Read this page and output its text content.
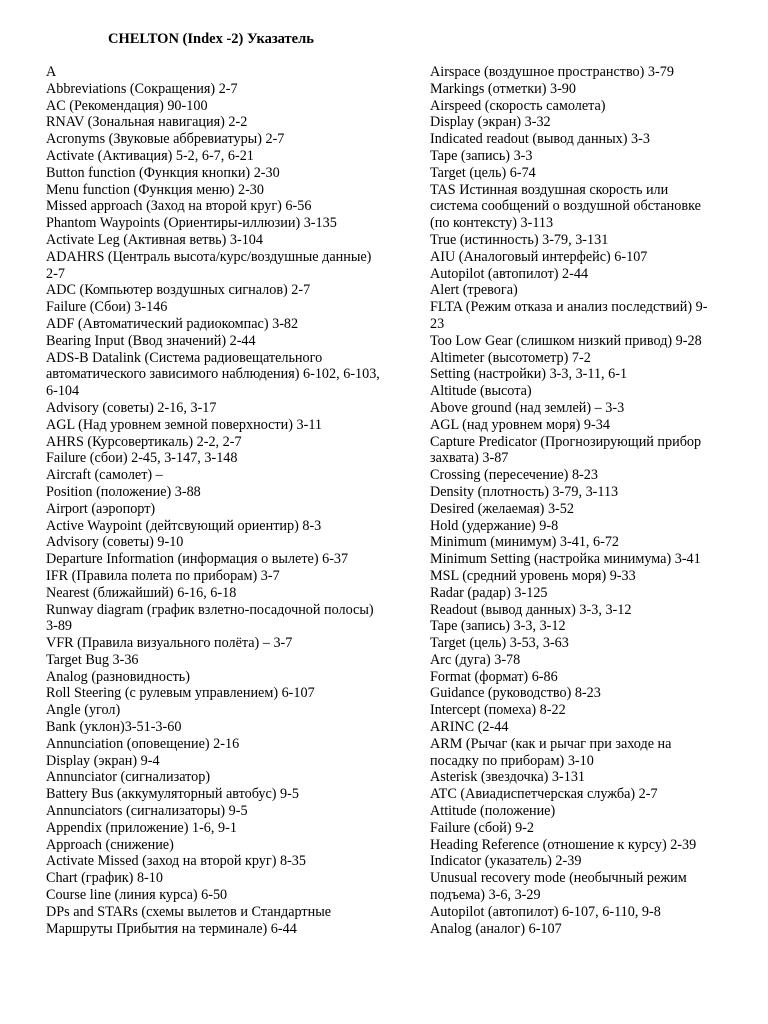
CHELTON (Index -2) Указатель
A
Abbreviations (Сокращения) 2-7
AC (Рекомендация) 90-100
RNAV (Зональная навигация) 2-2
Acronyms (Звуковые аббревиатуры) 2-7
Activate (Активация) 5-2, 6-7, 6-21
Button function (Функция кнопки) 2-30
Menu function (Функция меню) 2-30
Missed approach (Заход на второй круг) 6-56
Phantom Waypoints (Ориентиры-иллюзии) 3-135
Activate Leg (Активная ветвь) 3-104
ADAHRS (Централь высота/курс/воздушные данные)
2-7
ADC (Компьютер воздушных сигналов) 2-7
Failure (Сбои) 3-146
ADF (Автоматический радиокомпас) 3-82
Bearing Input (Ввод значений) 2-44
ADS-B Datalink (Система радиовещательного
автоматического зависимого наблюдения) 6-102, 6-103,
6-104
Advisory (советы) 2-16, 3-17
AGL (Над уровнем земной поверхности) 3-11
AHRS (Курсовертикаль) 2-2, 2-7
Failure (сбои) 2-45, 3-147, 3-148
Aircraft (самолет) –
Position (положение) 3-88
Airport (аэропорт)
Active Waypoint (дейтсвующий ориентир) 8-3
Advisory (советы) 9-10
Departure Information (информация о вылете) 6-37
IFR (Правила полета по приборам) 3-7
Nearest (ближайший) 6-16, 6-18
Runway diagram (график взлетно-посадочной полосы)
3-89
VFR (Правила визуального полёта) – 3-7
Target Bug 3-36
Analog (разновидность)
Roll Steering (с рулевым управлением) 6-107
Angle (угол)
Bank (уклон)3-51-3-60
Annunciation (оповещение) 2-16
Display (экран) 9-4
Annunciator (сигнализатор)
Battery Bus (аккумуляторный автобус) 9-5
Annunciators (сигнализаторы) 9-5
Appendix (приложение) 1-6, 9-1
Approach (снижение)
Activate Missed (заход на второй круг) 8-35
Chart (график) 8-10
Course line (линия курса) 6-50
DPs and STARs (схемы вылетов и Стандартные
Маршруты Прибытия на терминале) 6-44
Airspace (воздушное пространство) 3-79
Markings (отметки) 3-90
Airspeed (скорость самолета)
Display (экран) 3-32
Indicated readout (вывод данных) 3-3
Tape (запись) 3-3
Target (цель) 6-74
TAS Истинная воздушная скорость или
система сообщений о воздушной обстановке
(по контексту) 3-113
True (истинность) 3-79, 3-131
AIU (Аналоговый интерфейс) 6-107
Autopilot (автопилот) 2-44
Alert (тревога)
FLTA (Режим отказа и анализ последствий) 9-
23
Too Low Gear (слишком низкий привод) 9-28
Altimeter (высотометр) 7-2
Setting (настройки) 3-3, 3-11, 6-1
Altitude (высота)
Above ground (над землей) – 3-3
AGL (над уровнем моря) 9-34
Capture Predicator (Прогнозирующий прибор
захвата) 3-87
Crossing (пересечение) 8-23
Density (плотность) 3-79, 3-113
Desired (желаемая) 3-52
Hold (удержание) 9-8
Minimum (минимум) 3-41, 6-72
Minimum Setting (настройка минимума) 3-41
MSL (средний уровень моря) 9-33
Radar (радар) 3-125
Readout (вывод данных) 3-3, 3-12
Tape (запись) 3-3, 3-12
Target (цель) 3-53, 3-63
Arc (дуга) 3-78
Format (формат) 6-86
Guidance (руководство) 8-23
Intercept (помеха) 8-22
ARINC (2-44
ARM (Рычаг (как и рычаг при заходе на
посадку по приборам) 3-10
Asterisk (звездочка) 3-131
ATC (Авиадиспетчерская служба) 2-7
Attitude (положение)
Failure (сбой) 9-2
Heading Reference (отношение к курсу) 2-39
Indicator (указатель) 2-39
Unusual recovery mode (необычный режим
подъема) 3-6, 3-29
Autopilot (автопилот) 6-107, 6-110, 9-8
Analog (аналог) 6-107
